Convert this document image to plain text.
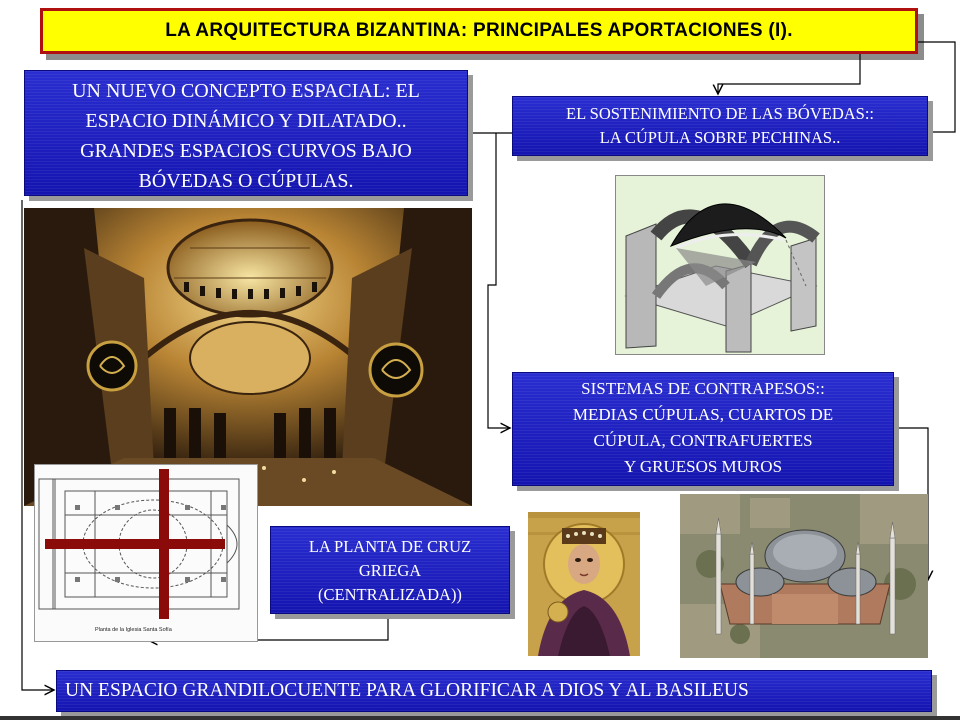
LA ARQUITECTURA BIZANTINA: PRINCIPALES APORTACIONES (I).
UN NUEVO CONCEPTO ESPACIAL: EL
ESPACIO DINÁMICO Y DILATADO..
GRANDES ESPACIOS CURVOS BAJO
BÓVEDAS O CÚPULAS.
EL SOSTENIMIENTO DE LAS BÓVEDAS::
LA CÚPULA SOBRE PECHINAS..
SISTEMAS DE CONTRAPESOS::
MEDIAS CÚPULAS, CUARTOS DE
CÚPULA, CONTRAFUERTES
Y GRUESOS MUROS
Planta de la Iglesia Santa Sofía
LA PLANTA DE CRUZ
GRIEGA
(CENTRALIZADA))
UN ESPACIO GRANDILOCUENTE PARA GLORIFICAR A DIOS Y AL BASILEUS
